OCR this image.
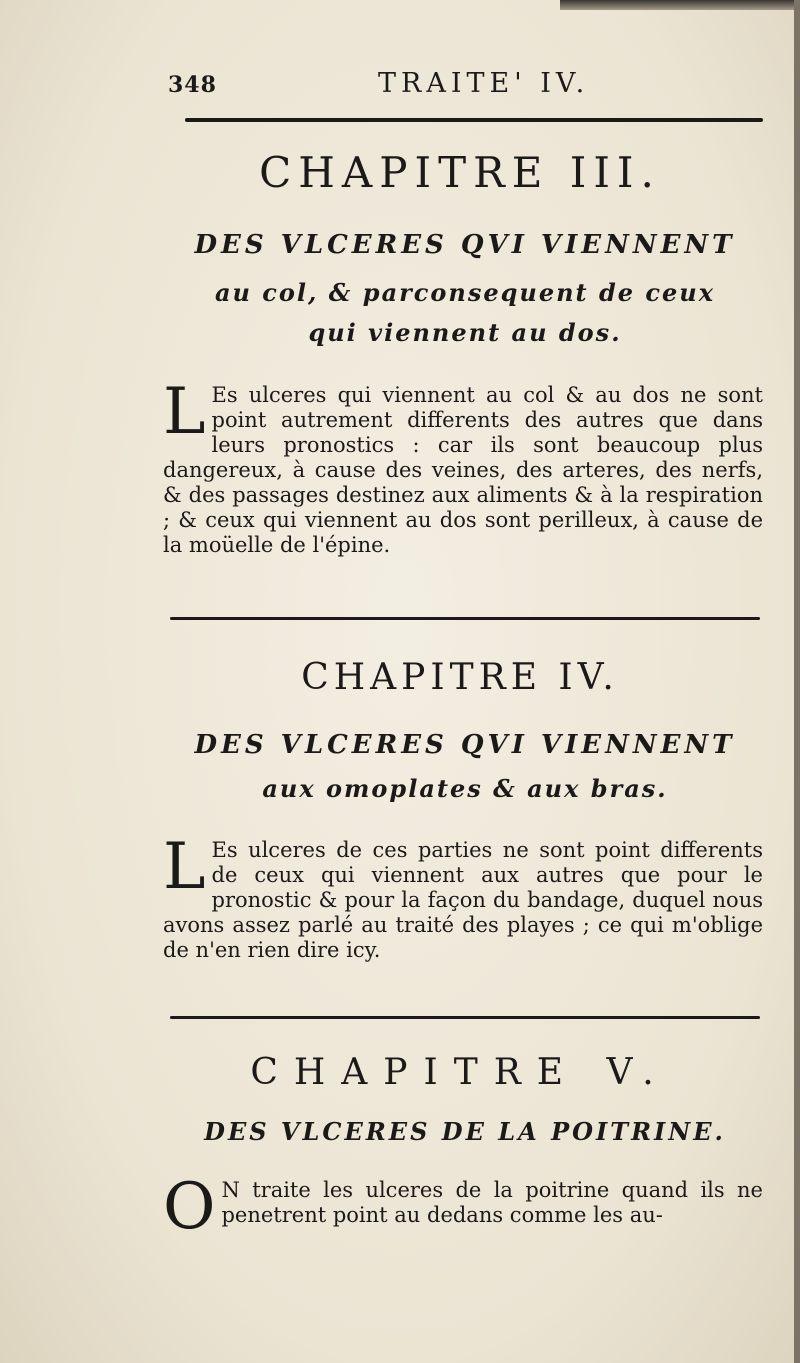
348	TRAITE' IV.
CHAPITRE III.
DES VLCERES QVI VIENNENT
au col, & parconsequent de ceux
qui viennent au dos.

L Es ulceres qui viennent au col & au dos ne sont point autrement differents des autres que dans leurs pronostics : car ils sont beaucoup plus dangereux, à cause des veines, des arteres, des nerfs, & des passages destinez aux aliments & à la respiration ; & ceux qui viennent au dos sont perilleux, à cause de la moüelle de l'épine.

CHAPITRE IV.
DES VLCERES QVI VIENNENT
aux omoplates & aux bras.

L Es ulceres de ces parties ne sont point differents de ceux qui viennent aux autres que pour le pronostic & pour la façon du bandage, duquel nous avons assez parlé au traité des playes ; ce qui m'oblige de n'en rien dire icy.

CHAPITRE V.
DES VLCERES DE LA POITRINE.

O N traite les ulceres de la poitrine quand ils ne penetrent point au dedans comme les au-
